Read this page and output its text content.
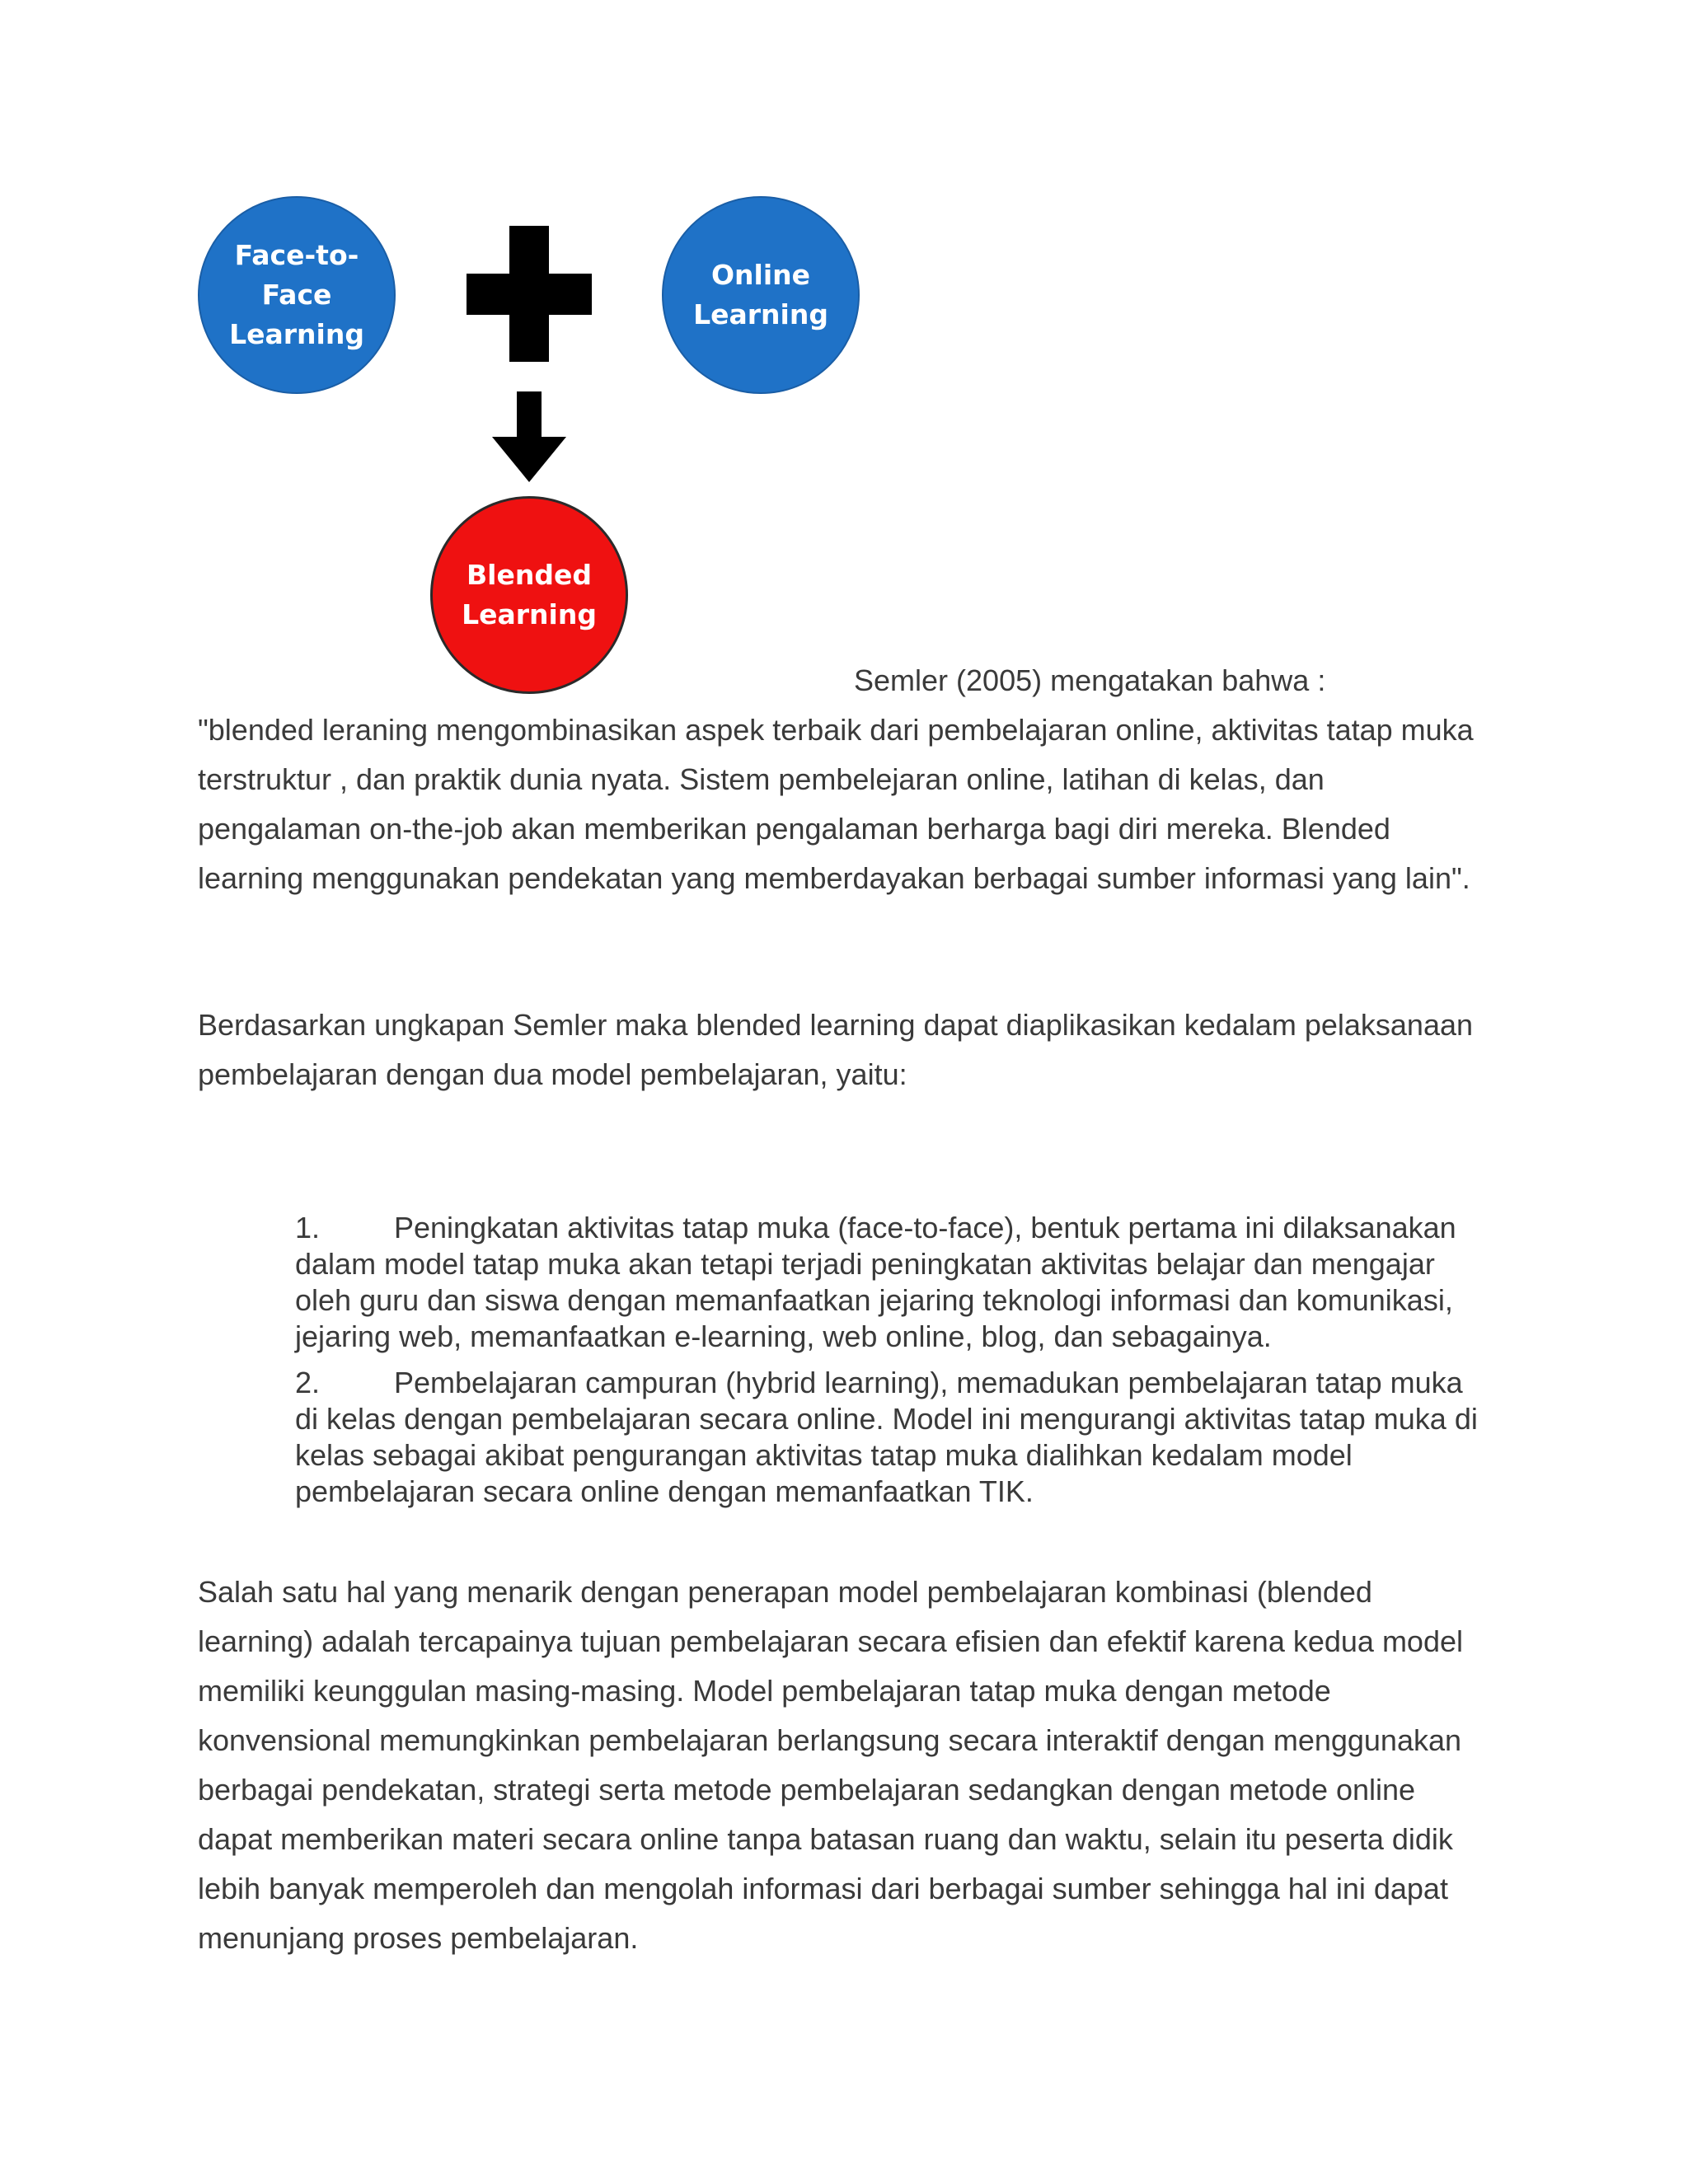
Face-to-
Face
Learning
Online
Learning
Blended
Learning
Semler (2005) mengatakan bahwa :

"blended leraning mengombinasikan aspek terbaik dari pembelajaran online, aktivitas tatap muka terstruktur , dan praktik dunia nyata. Sistem pembelejaran online, latihan di kelas, dan pengalaman on-the-job akan memberikan pengalaman berharga bagi diri mereka. Blended learning menggunakan pendekatan yang memberdayakan berbagai sumber informasi yang lain".

Berdasarkan ungkapan Semler maka blended learning dapat diaplikasikan kedalam pelaksanaan pembelajaran dengan dua model pembelajaran, yaitu:

1. Peningkatan aktivitas tatap muka (face-to-face), bentuk pertama ini dilaksanakan dalam model tatap muka akan tetapi terjadi peningkatan aktivitas belajar dan mengajar oleh guru dan siswa dengan memanfaatkan jejaring teknologi informasi dan komunikasi, jejaring web, memanfaatkan e-learning, web online, blog, dan sebagainya.
2. Pembelajaran campuran (hybrid learning), memadukan pembelajaran tatap muka di kelas dengan pembelajaran secara online. Model ini mengurangi aktivitas tatap muka di kelas sebagai akibat pengurangan aktivitas tatap muka dialihkan kedalam model pembelajaran secara online dengan memanfaatkan TIK.

Salah satu hal yang menarik dengan penerapan model pembelajaran kombinasi (blended learning) adalah tercapainya tujuan pembelajaran secara efisien dan efektif karena kedua model memiliki keunggulan masing-masing. Model pembelajaran tatap muka dengan metode konvensional memungkinkan pembelajaran berlangsung secara interaktif dengan menggunakan berbagai pendekatan, strategi serta metode pembelajaran sedangkan dengan metode online dapat memberikan materi secara online tanpa batasan ruang dan waktu, selain itu peserta didik lebih banyak memperoleh dan mengolah informasi dari berbagai sumber sehingga hal ini dapat menunjang proses pembelajaran.
